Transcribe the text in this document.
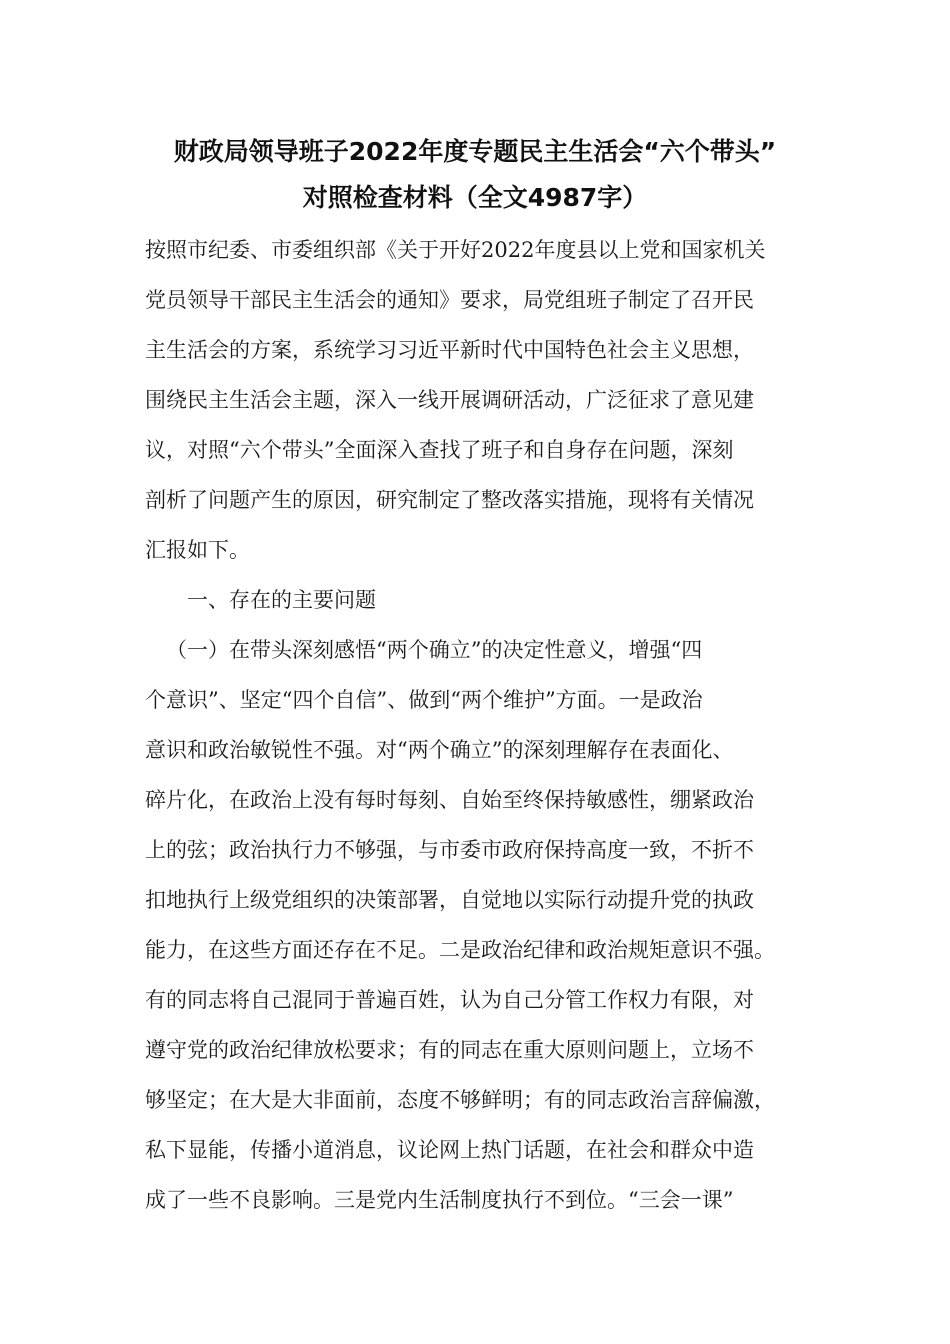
财政局领导班子2022年度专题民主生活会“六个带头”
对照检查材料（全文4987字）
按照市纪委、市委组织部《关于开好2022年度县以上党和国家机关
党员领导干部民主生活会的通知》要求，局党组班子制定了召开民
主生活会的方案，系统学习习近平新时代中国特色社会主义思想，
围绕民主生活会主题，深入一线开展调研活动，广泛征求了意见建
议，对照“六个带头”全面深入查找了班子和自身存在问题，深刻
剖析了问题产生的原因，研究制定了整改落实措施，现将有关情况
汇报如下。
一、存在的主要问题
（一）在带头深刻感悟“两个确立”的决定性意义，增强“四
个意识”、坚定“四个自信”、做到“两个维护”方面。一是政治
意识和政治敏锐性不强。对“两个确立”的深刻理解存在表面化、
碎片化，在政治上没有每时每刻、自始至终保持敏感性，绷紧政治
上的弦；政治执行力不够强，与市委市政府保持高度一致，不折不
扣地执行上级党组织的决策部署，自觉地以实际行动提升党的执政
能力，在这些方面还存在不足。二是政治纪律和政治规矩意识不强。
有的同志将自己混同于普遍百姓，认为自己分管工作权力有限，对
遵守党的政治纪律放松要求；有的同志在重大原则问题上，立场不
够坚定；在大是大非面前，态度不够鲜明；有的同志政治言辞偏激，
私下显能，传播小道消息，议论网上热门话题，在社会和群众中造
成了一些不良影响。三是党内生活制度执行不到位。“三会一课”
